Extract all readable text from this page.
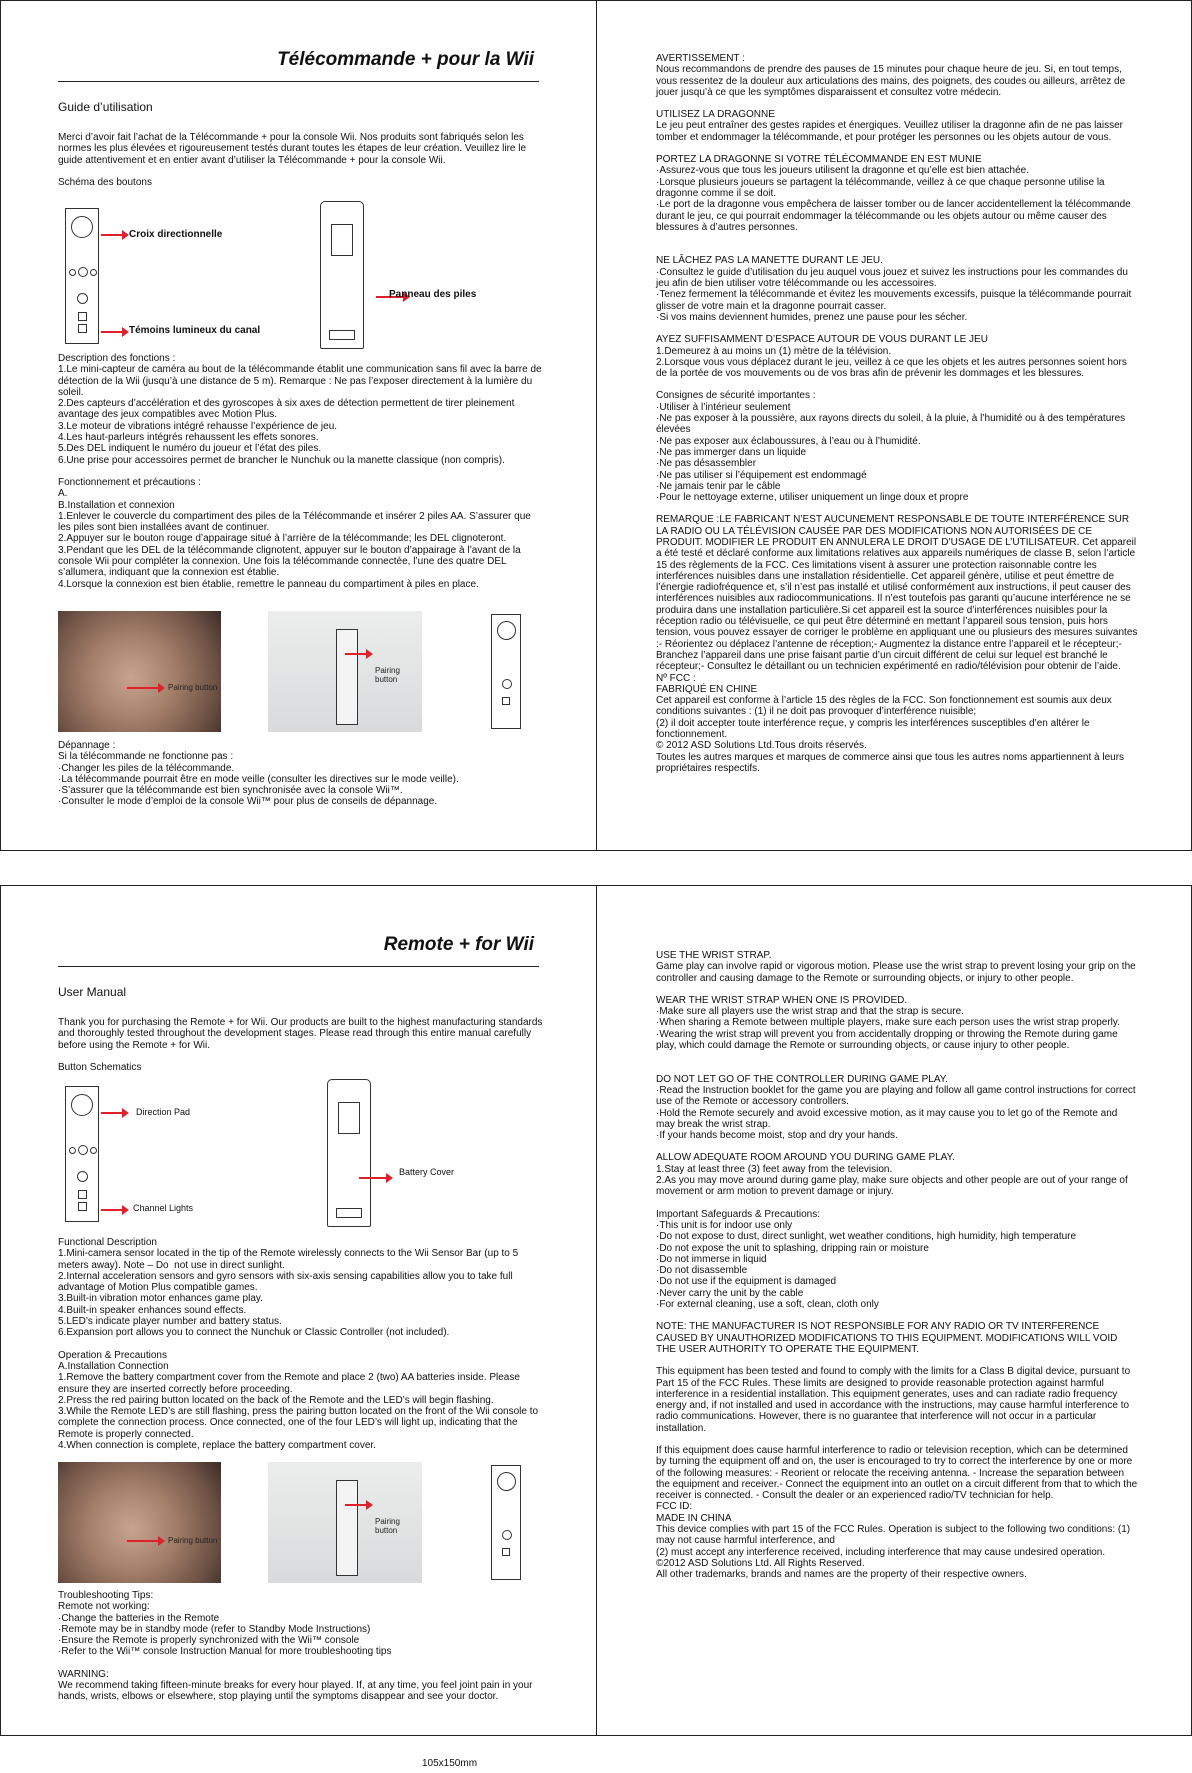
Télécommande + pour la Wii
Guide d’utilisation

Merci d’avoir fait l’achat de la Télécommande + pour la console Wii. Nos produits sont fabriqués selon les normes les plus élevées et rigoureusement testés durant toutes les étapes de leur création. Veuillez lire le guide attentivement et en entier avant d’utiliser la Télécommande + pour la console Wii.

Schéma des boutons

Croix directionnelle
Témoins lumineux du canal
Panneau des piles

Description des fonctions :
1.Le mini-capteur de caméra au bout de la télécommande établit une communication sans fil avec la barre de détection de la Wii (jusqu’à une distance de 5 m). Remarque : Ne pas l’exposer directement à la lumière du soleil.
2.Des capteurs d’accélération et des gyroscopes à six axes de détection permettent de tirer pleinement avantage des jeux compatibles avec Motion Plus.
3.Le moteur de vibrations intégré rehausse l’expérience de jeu.
4.Les haut-parleurs intégrés rehaussent les effets sonores.
5.Des DEL indiquent le numéro du joueur et l’état des piles.
6.Une prise pour accessoires permet de brancher le Nunchuk ou la manette classique (non compris).

Fonctionnement et précautions :
A.
B.Installation et connexion
1.Enlever le couvercle du compartiment des piles de la Télécommande et insérer 2 piles AA. S’assurer que les piles sont bien installées avant de continuer.
2.Appuyer sur le bouton rouge d’appairage situé à l’arrière de la télécommande; les DEL clignoteront.
3.Pendant que les DEL de la télécommande clignotent, appuyer sur le bouton d’appairage à l’avant de la console Wii pour compléter la connexion. Une fois la télécommande connectée, l’une des quatre DEL s’allumera, indiquant que la connexion est établie.
4.Lorsque la connexion est bien établie, remettre le panneau du compartiment à piles en place.

Pairing button
Pairing button

Dépannage :
Si la télécommande ne fonctionne pas :
·Changer les piles de la télécommande.
·La télécommande pourrait être en mode veille (consulter les directives sur le mode veille).
·S’assurer que la télécommande est bien synchronisée avec la console Wii™.
·Consulter le mode d’emploi de la console Wii™ pour plus de conseils de dépannage.

AVERTISSEMENT :
Nous recommandons de prendre des pauses de 15 minutes pour chaque heure de jeu. Si, en tout temps, vous ressentez de la douleur aux articulations des mains, des poignets, des coudes ou ailleurs, arrêtez de jouer jusqu’à ce que les symptômes disparaissent et consultez votre médecin.

UTILISEZ LA DRAGONNE
Le jeu peut entraîner des gestes rapides et énergiques. Veuillez utiliser la dragonne afin de ne pas laisser tomber et endommager la télécommande, et pour protéger les personnes ou les objets autour de vous.

PORTEZ LA DRAGONNE SI VOTRE TÉLÉCOMMANDE EN EST MUNIE
·Assurez-vous que tous les joueurs utilisent la dragonne et qu’elle est bien attachée.
·Lorsque plusieurs joueurs se partagent la télécommande, veillez à ce que chaque personne utilise la dragonne comme il se doit.
·Le port de la dragonne vous empêchera de laisser tomber ou de lancer accidentellement la télécommande durant le jeu, ce qui pourrait endommager la télécommande ou les objets autour ou même causer des blessures à d’autres personnes.

NE LÂCHEZ PAS LA MANETTE DURANT LE JEU.
·Consultez le guide d’utilisation du jeu auquel vous jouez et suivez les instructions pour les commandes du jeu afin de bien utiliser votre télécommande ou les accessoires.
·Tenez fermement la télécommande et évitez les mouvements excessifs, puisque la télécommande pourrait glisser de votre main et la dragonne pourrait casser.
·Si vos mains deviennent humides, prenez une pause pour les sécher.

AYEZ SUFFISAMMENT D’ESPACE AUTOUR DE VOUS DURANT LE JEU
1.Demeurez à au moins un (1) mètre de la télévision.
2.Lorsque vous vous déplacez durant le jeu, veillez à ce que les objets et les autres personnes soient hors de la portée de vos mouvements ou de vos bras afin de prévenir les dommages et les blessures.

Consignes de sécurité importantes :
·Utiliser à l’intérieur seulement
·Ne pas exposer à la poussière, aux rayons directs du soleil, à la pluie, à l’humidité ou à des températures élevées
·Ne pas exposer aux éclaboussures, à l’eau ou à l’humidité.
·Ne pas immerger dans un liquide
·Ne pas désassembler
·Ne pas utiliser si l’équipement est endommagé
·Ne jamais tenir par le câble
·Pour le nettoyage externe, utiliser uniquement un linge doux et propre

REMARQUE :LE FABRICANT N’EST AUCUNEMENT RESPONSABLE DE TOUTE INTERFÉRENCE SUR LA RADIO OU LA TÉLÉVISION CAUSÉE PAR DES MODIFICATIONS NON AUTORISÉES DE CE PRODUIT. MODIFIER LE PRODUIT EN ANNULERA LE DROIT D’USAGE DE L’UTILISATEUR. Cet appareil a été testé et déclaré conforme aux limitations relatives aux appareils numériques de classe B, selon l’article 15 des règlements de la FCC. Ces limitations visent à assurer une protection raisonnable contre les interférences nuisibles dans une installation résidentielle. Cet appareil génère, utilise et peut émettre de l’énergie radiofréquence et, s’il n’est pas installé et utilisé conformément aux instructions, il peut causer des interférences nuisibles aux radiocommunications. Il n’est toutefois pas garanti qu’aucune interférence ne se produira dans une installation particulière.Si cet appareil est la source d’interférences nuisibles pour la réception radio ou télévisuelle, ce qui peut être déterminé en mettant l’appareil sous tension, puis hors tension, vous pouvez essayer de corriger le problème en appliquant une ou plusieurs des mesures suivantes :- Réorientez ou déplacez l’antenne de réception;- Augmentez la distance entre l’appareil et le récepteur;- Branchez l’appareil dans une prise faisant partie d’un circuit différent de celui sur lequel est branché le récepteur;- Consultez le détaillant ou un technicien expérimenté en radio/télévision pour obtenir de l’aide.
Nº FCC :
FABRIQUÉ EN CHINE
Cet appareil est conforme à l’article 15 des règles de la FCC. Son fonctionnement est soumis aux deux conditions suivantes : (1) il ne doit pas provoquer d’interférence nuisible;
(2) il doit accepter toute interférence reçue, y compris les interférences susceptibles d’en altérer le fonctionnement.
© 2012 ASD Solutions Ltd.Tous droits réservés.
Toutes les autres marques et marques de commerce ainsi que tous les autres noms appartiennent à leurs propriétaires respectifs.

Remote + for Wii
User Manual

Thank you for purchasing the Remote + for Wii. Our products are built to the highest manufacturing standards and thoroughly tested throughout the development stages. Please read through this entire manual carefully before using the Remote + for Wii.

Button Schematics

Direction Pad
Channel Lights
Battery Cover

Functional Description
1.Mini-camera sensor located in the tip of the Remote wirelessly connects to the Wii Sensor Bar (up to 5 meters away). Note – Do  not use in direct sunlight.
2.Internal acceleration sensors and gyro sensors with six-axis sensing capabilities allow you to take full advantage of Motion Plus compatible games.
3.Built-in vibration motor enhances game play.
4.Built-in speaker enhances sound effects.
5.LED’s indicate player number and battery status.
6.Expansion port allows you to connect the Nunchuk or Classic Controller (not included).

Operation & Precautions
A.Installation Connection
1.Remove the battery compartment cover from the Remote and place 2 (two) AA batteries inside. Please ensure they are inserted correctly before proceeding.
2.Press the red pairing button located on the back of the Remote and the LED’s will begin flashing.
3.While the Remote LED’s are still flashing, press the pairing button located on the front of the Wii console to complete the connection process. Once connected, one of the four LED’s will light up, indicating that the Remote is properly connected.
4.When connection is complete, replace the battery compartment cover.

Pairing button
Pairing button

Troubleshooting Tips:
Remote not working:
·Change the batteries in the Remote
·Remote may be in standby mode (refer to Standby Mode Instructions)
·Ensure the Remote is properly synchronized with the Wii™ console
·Refer to the Wii™ console Instruction Manual for more troubleshooting tips

WARNING:
We recommend taking fifteen-minute breaks for every hour played. If, at any time, you feel joint pain in your hands, wrists, elbows or elsewhere, stop playing until the symptoms disappear and see your doctor.

USE THE WRIST STRAP.
Game play can involve rapid or vigorous motion. Please use the wrist strap to prevent losing your grip on the controller and causing damage to the Remote or surrounding objects, or injury to other people.

WEAR THE WRIST STRAP WHEN ONE IS PROVIDED.
·Make sure all players use the wrist strap and that the strap is secure.
·When sharing a Remote between multiple players, make sure each person uses the wrist strap properly.
·Wearing the wrist strap will prevent you from accidentally dropping or throwing the Remote during game play, which could damage the Remote or surrounding objects, or cause injury to other people.

DO NOT LET GO OF THE CONTROLLER DURING GAME PLAY.
·Read the Instruction booklet for the game you are playing and follow all game control instructions for correct use of the Remote or accessory controllers.
·Hold the Remote securely and avoid excessive motion, as it may cause you to let go of the Remote and may break the wrist strap.
·If your hands become moist, stop and dry your hands.

ALLOW ADEQUATE ROOM AROUND YOU DURING GAME PLAY.
1.Stay at least three (3) feet away from the television.
2.As you may move around during game play, make sure objects and other people are out of your range of movement or arm motion to prevent damage or injury.

Important Safeguards & Precautions:
·This unit is for indoor use only
·Do not expose to dust, direct sunlight, wet weather conditions, high humidity, high temperature
·Do not expose the unit to splashing, dripping rain or moisture
·Do not immerse in liquid
·Do not disassemble
·Do not use if the equipment is damaged
·Never carry the unit by the cable
·For external cleaning, use a soft, clean, cloth only

NOTE: THE MANUFACTURER IS NOT RESPONSIBLE FOR ANY RADIO OR TV INTERFERENCE CAUSED BY UNAUTHORIZED MODIFICATIONS TO THIS EQUIPMENT. MODIFICATIONS WILL VOID THE USER AUTHORITY TO OPERATE THE EQUIPMENT.

This equipment has been tested and found to comply with the limits for a Class B digital device, pursuant to Part 15 of the FCC Rules. These limits are designed to provide reasonable protection against harmful interference in a residential installation. This equipment generates, uses and can radiate radio frequency energy and, if not installed and used in accordance with the instructions, may cause harmful interference to radio communications. However, there is no guarantee that interference will not occur in a particular installation.

If this equipment does cause harmful interference to radio or television reception, which can be determined by turning the equipment off and on, the user is encouraged to try to correct the interference by one or more of the following measures: - Reorient or relocate the receiving antenna. - Increase the separation between the equipment and receiver.- Connect the equipment into an outlet on a circuit different from that to which the receiver is connected. - Consult the dealer or an experienced radio/TV technician for help.
FCC ID:
MADE IN CHINA
This device complies with part 15 of the FCC Rules. Operation is subject to the following two conditions: (1) may not cause harmful interference, and
(2) must accept any interference received, including interference that may cause undesired operation.
©2012 ASD Solutions Ltd. All Rights Reserved.
All other trademarks, brands and names are the property of their respective owners.

105x150mm
